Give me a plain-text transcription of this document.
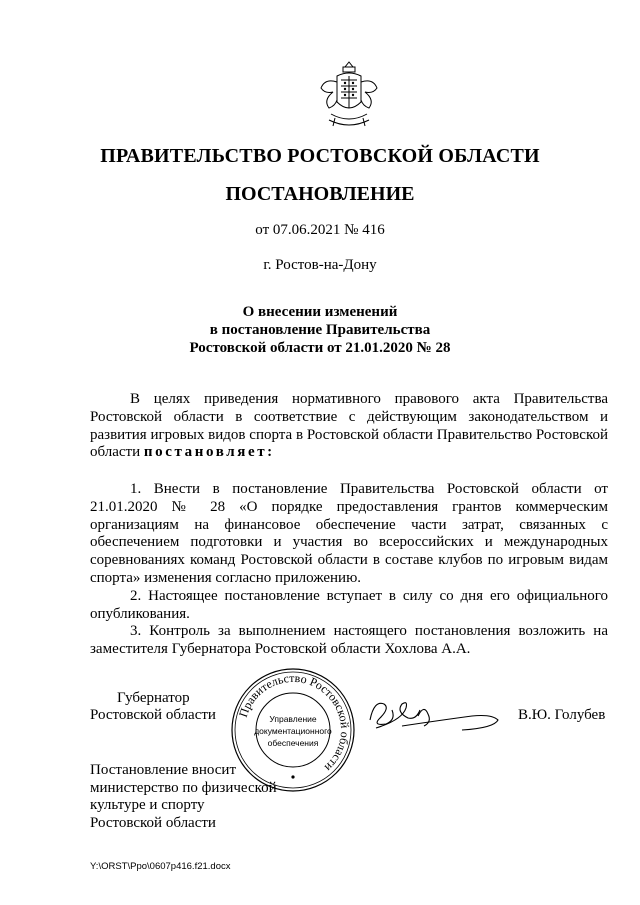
ПРАВИТЕЛЬСТВО РОСТОВСКОЙ ОБЛАСТИ
ПОСТАНОВЛЕНИЕ
от 07.06.2021 № 416
г. Ростов-на-Дону
О внесении изменений
в постановление Правительства
Ростовской области от 21.01.2020 № 28

В целях приведения нормативного правового акта Правительства Ростовской области в соответствие с действующим законодательством и развития игровых видов спорта в Ростовской области Правительство Ростовской области постановляет:

1. Внести в постановление Правительства Ростовской области от 21.01.2020 № 28 «О порядке предоставления грантов коммерческим организациям на финансовое обеспечение части затрат, связанных с обеспечением подготовки и участия во всероссийских и международных соревнованиях команд Ростовской области в составе клубов по игровым видам спорта» изменения согласно приложению.

2. Настоящее постановление вступает в силу со дня его официального опубликования.

3. Контроль за выполнением настоящего постановления возложить на заместителя Губернатора Ростовской области Хохлова А.А.

Губернатор
Ростовской области Правительство Ростовской области
Управление
документационного
обеспечения
В.Ю. Голубев
Постановление вносит
министерство по физической
культуре и спорту
Ростовской области
Y:\ORST\Ppo\0607p416.f21.docx
